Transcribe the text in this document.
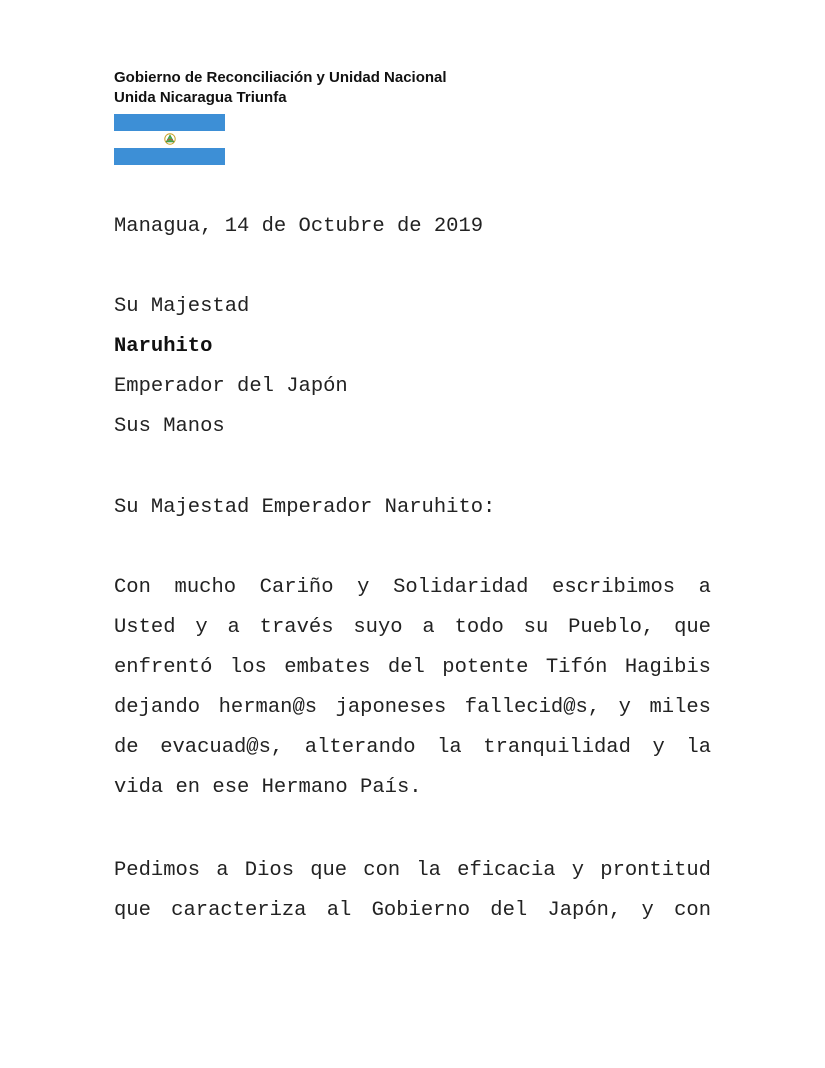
Gobierno de Reconciliación y Unidad Nacional
Unida Nicaragua Triunfa
Managua, 14 de Octubre de 2019
Su Majestad
Naruhito
Emperador del Japón
Sus Manos
Su Majestad Emperador Naruhito:
Con mucho Cariño y Solidaridad escribimos a
Usted y a través suyo a todo su Pueblo, que
enfrentó los embates del potente Tifón Hagibis
dejando herman@s japoneses fallecid@s, y miles
de evacuad@s, alterando la tranquilidad y la
vida en ese Hermano País.
Pedimos a Dios que con la eficacia y prontitud
que caracteriza al Gobierno del Japón, y con
